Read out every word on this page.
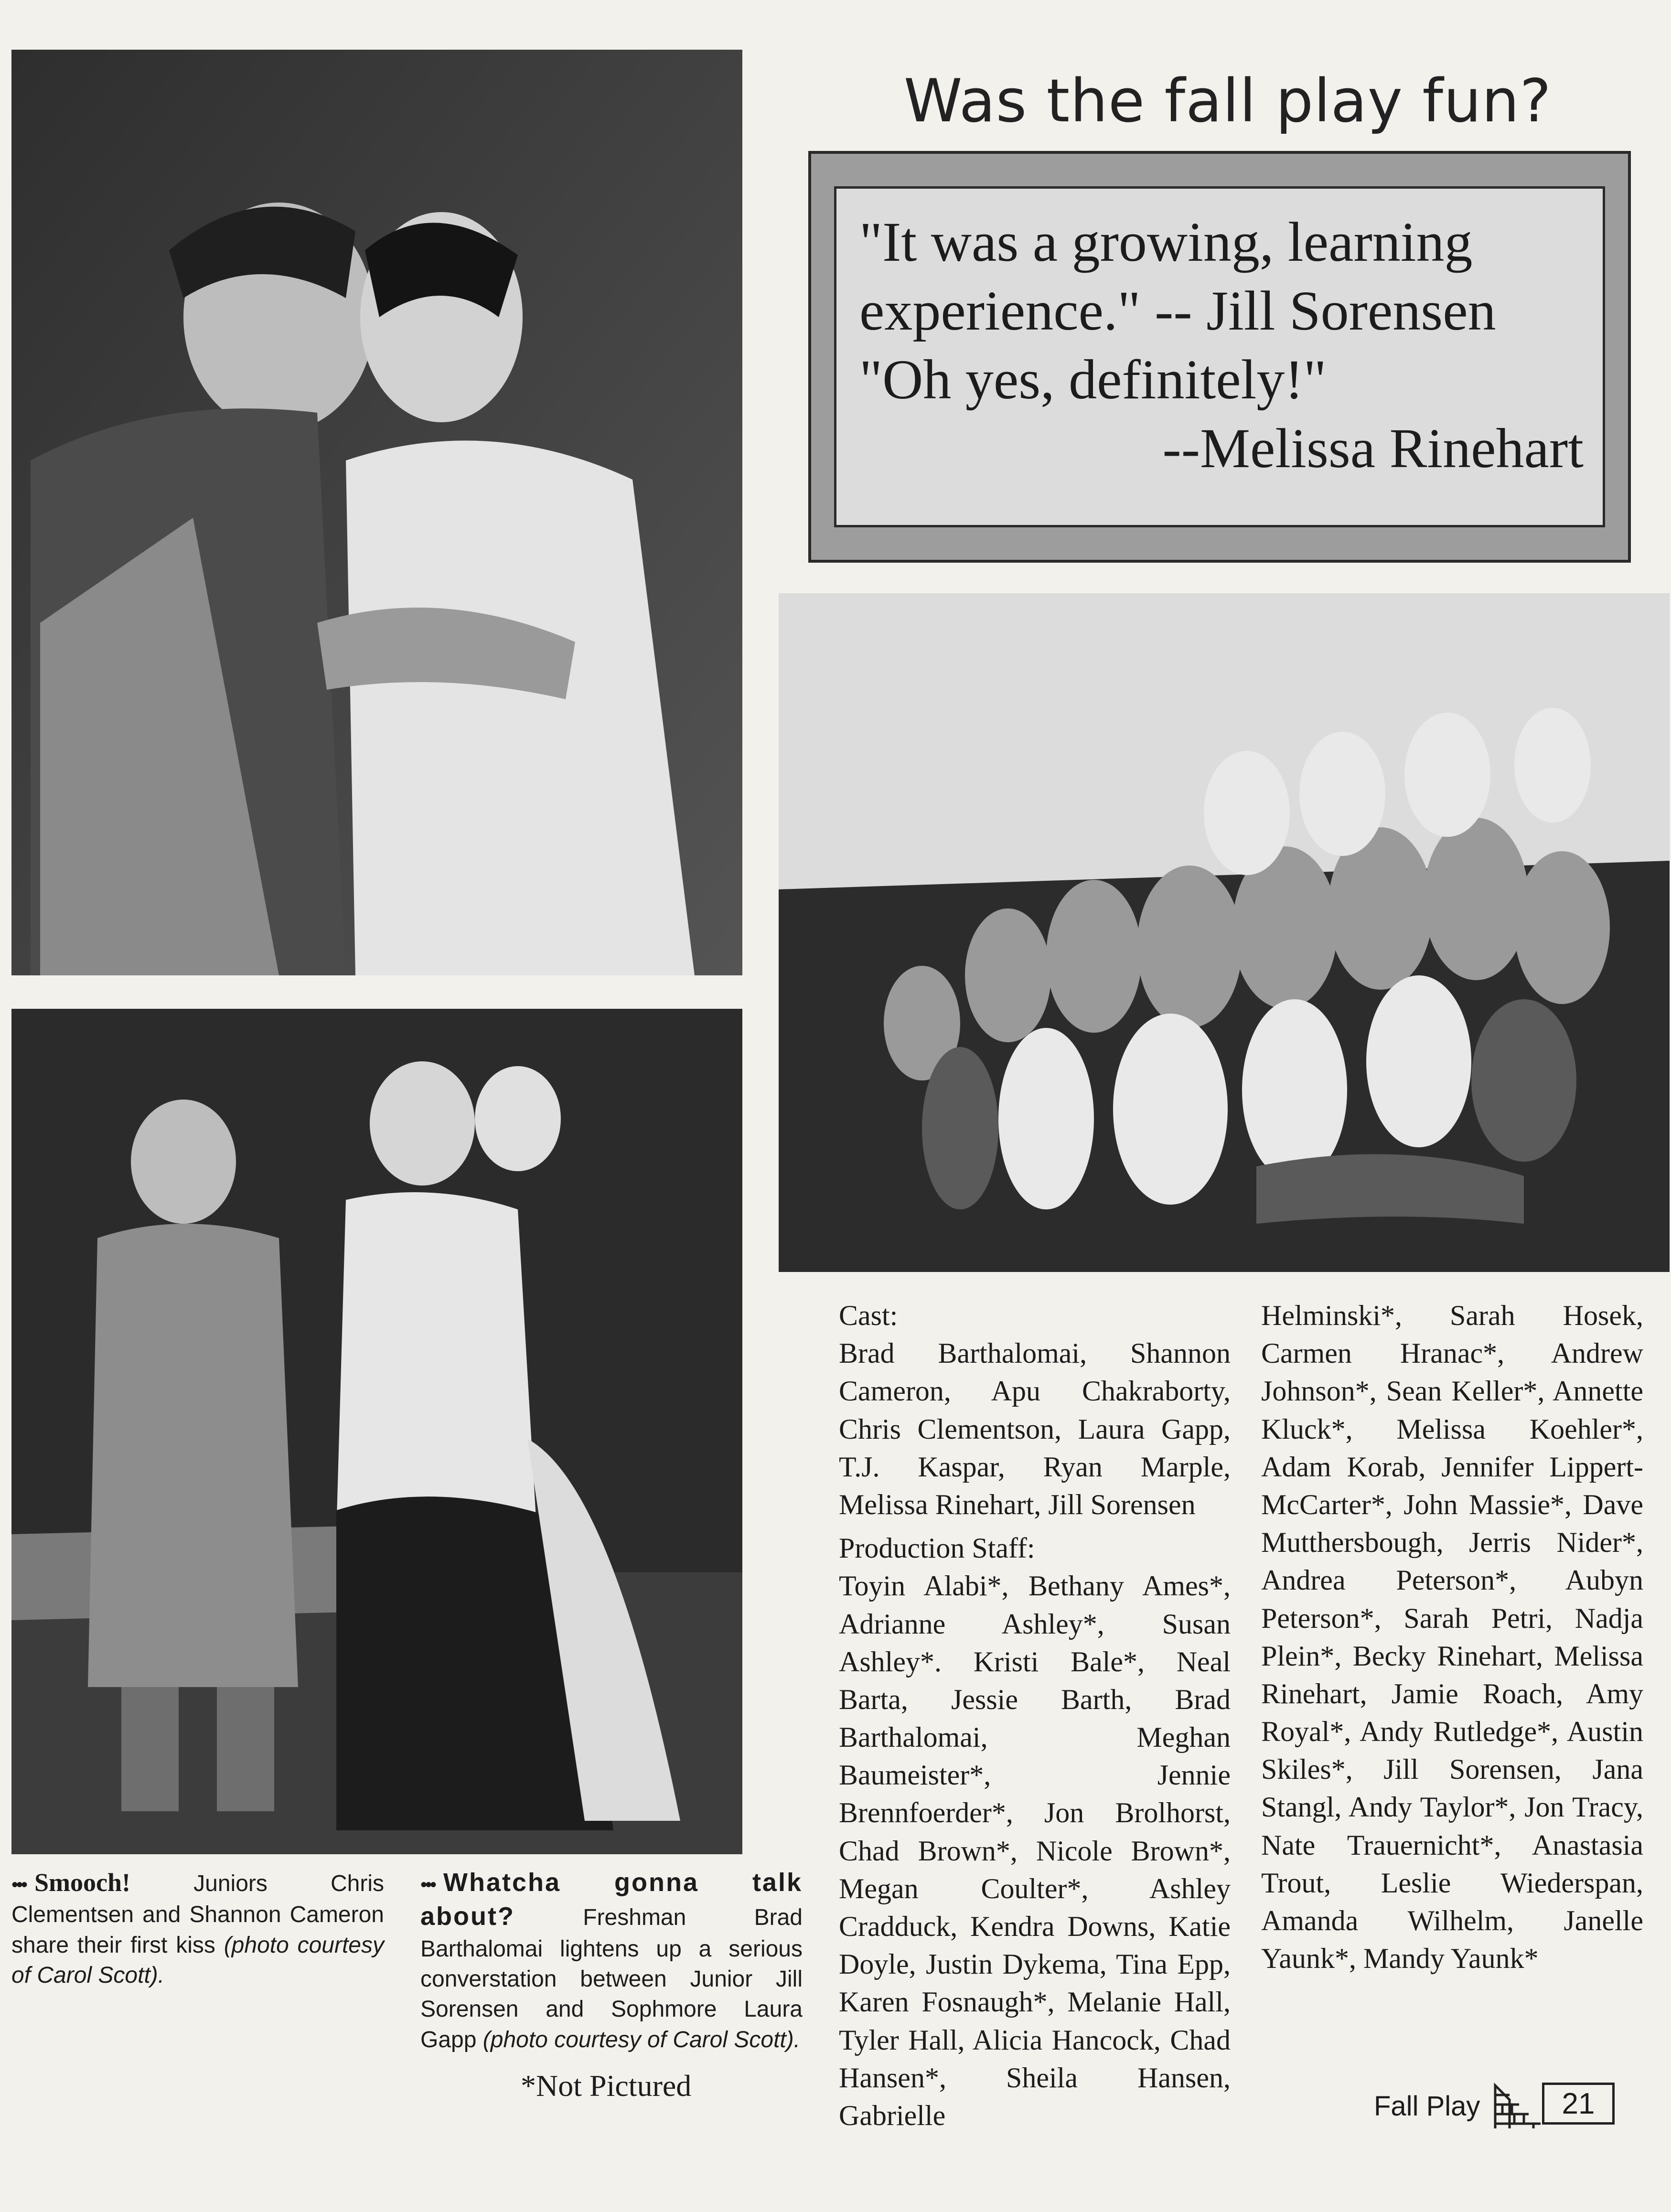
Was the fall play fun?
"It was a growing, learning
experience." -- Jill Sorensen
"Oh yes, definitely!"
--Melissa Rinehart
••• Smooch! Juniors Chris Clementsen and Shannon Cameron share their first kiss (photo courtesy of Carol Scott).
••• Whatcha gonna talk about? Freshman Brad Barthalomai lightens up a serious converstation between Junior Jill Sorensen and Sophmore Laura Gapp (photo courtesy of Carol Scott).
*Not Pictured

Cast:
Brad Barthalomai, Shannon Cameron, Apu Chakraborty, Chris Clementson, Laura Gapp, T.J. Kaspar, Ryan Marple, Melissa Rinehart, Jill Sorensen

Production Staff:
Toyin Alabi*, Bethany Ames*, Adrianne Ashley*, Susan Ashley*. Kristi Bale*, Neal Barta, Jessie Barth, Brad Barthalomai, Meghan Baumeister*, Jennie Brennfoerder*, Jon Brolhorst, Chad Brown*, Nicole Brown*, Megan Coulter*, Ashley Cradduck, Kendra Downs, Katie Doyle, Justin Dykema, Tina Epp, Karen Fosnaugh*, Melanie Hall, Tyler Hall, Alicia Hancock, Chad Hansen*, Sheila Hansen, Gabrielle

Helminski*, Sarah Hosek, Carmen Hranac*, Andrew Johnson*, Sean Keller*, Annette Kluck*, Melissa Koehler*, Adam Korab, Jennifer Lippert-McCarter*, John Massie*, Dave Mutthersbough, Jerris Nider*, Andrea Peterson*, Aubyn Peterson*, Sarah Petri, Nadja Plein*, Becky Rinehart, Melissa Rinehart, Jamie Roach, Amy Royal*, Andy Rutledge*, Austin Skiles*, Jill Sorensen, Jana Stangl, Andy Taylor*, Jon Tracy, Nate Trauernicht*, Anastasia Trout, Leslie Wiederspan, Amanda Wilhelm, Janelle Yaunk*, Mandy Yaunk*

Fall Play	21
